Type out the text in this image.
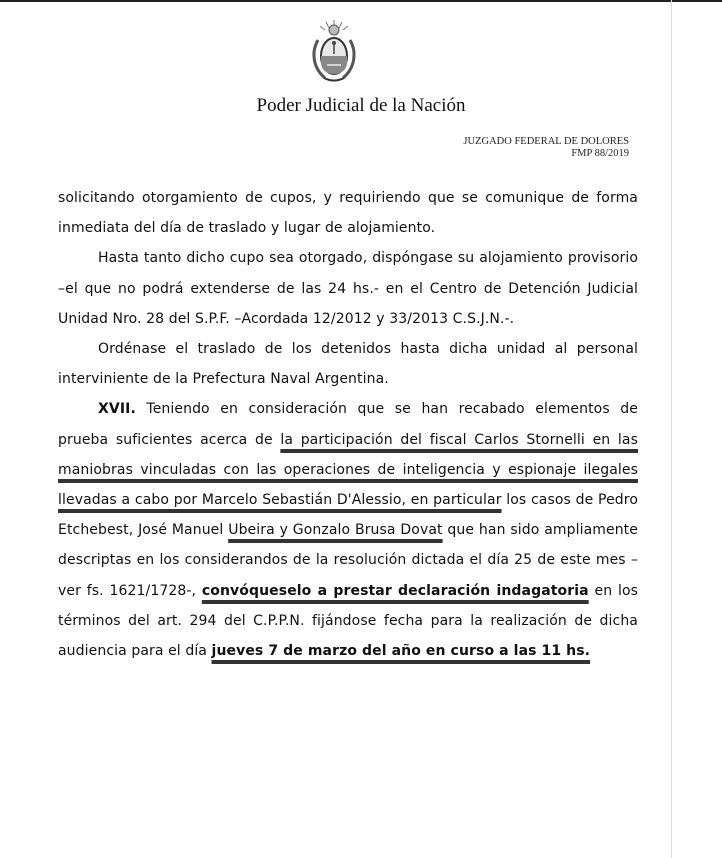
Poder Judicial de la Nación
JUZGADO FEDERAL DE DOLORES
FMP 88/2019

solicitando otorgamiento de cupos, y requiriendo que se comunique de forma inmediata del día de traslado y lugar de alojamiento.

Hasta tanto dicho cupo sea otorgado, dispóngase su alojamiento provisorio –el que no podrá extenderse de las 24 hs.- en el Centro de Detención Judicial Unidad Nro. 28 del S.P.F. –Acordada 12/2012 y 33/2013 C.S.J.N.-.

Ordénase el traslado de los detenidos hasta dicha unidad al personal interviniente de la Prefectura Naval Argentina.

XVII. Teniendo en consideración que se han recabado elementos de prueba suficientes acerca de la participación del fiscal Carlos Stornelli en las maniobras vinculadas con las operaciones de inteligencia y espionaje ilegales llevadas a cabo por Marcelo Sebastián D'Alessio, en particular los casos de Pedro Etchebest, José Manuel Ubeira y Gonzalo Brusa Dovat que han sido ampliamente descriptas en los considerandos de la resolución dictada el día 25 de este mes –ver fs. 1621/1728-, convóqueselo a prestar declaración indagatoria en los términos del art. 294 del C.P.P.N. fijándose fecha para la realización de dicha audiencia para el día jueves 7 de marzo del año en curso a las 11 hs.
